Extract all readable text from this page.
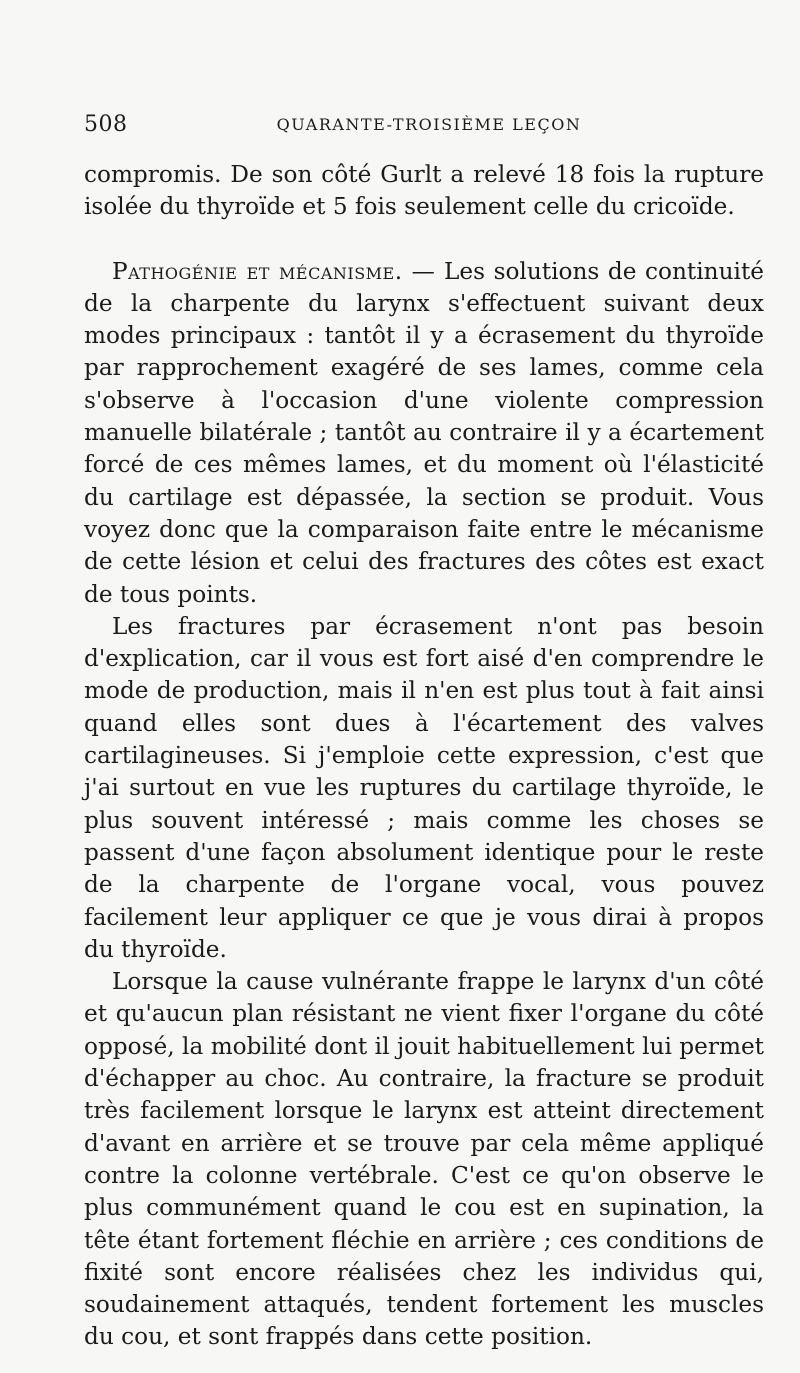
508	QUARANTE-TROISIÈME LEÇON

compromis. De son côté Gurlt a relevé 18 fois la rupture isolée du thyroïde et 5 fois seulement celle du cricoïde.

Pathogénie et mécanisme. — Les solutions de continuité de la charpente du larynx s'effectuent suivant deux modes principaux : tantôt il y a écrasement du thyroïde par rapprochement exagéré de ses lames, comme cela s'observe à l'occasion d'une violente compression manuelle bilatérale ; tantôt au contraire il y a écartement forcé de ces mêmes lames, et du moment où l'élasticité du cartilage est dépassée, la section se produit. Vous voyez donc que la comparaison faite entre le mécanisme de cette lésion et celui des fractures des côtes est exact de tous points.

Les fractures par écrasement n'ont pas besoin d'explication, car il vous est fort aisé d'en comprendre le mode de production, mais il n'en est plus tout à fait ainsi quand elles sont dues à l'écartement des valves cartilagineuses. Si j'emploie cette expression, c'est que j'ai surtout en vue les ruptures du cartilage thyroïde, le plus souvent intéressé ; mais comme les choses se passent d'une façon absolument identique pour le reste de la charpente de l'organe vocal, vous pouvez facilement leur appliquer ce que je vous dirai à propos du thyroïde.

Lorsque la cause vulnérante frappe le larynx d'un côté et qu'aucun plan résistant ne vient fixer l'organe du côté opposé, la mobilité dont il jouit habituellement lui permet d'échapper au choc. Au contraire, la fracture se produit très facilement lorsque le larynx est atteint directement d'avant en arrière et se trouve par cela même appliqué contre la colonne vertébrale. C'est ce qu'on observe le plus communément quand le cou est en supination, la tête étant fortement fléchie en arrière ; ces conditions de fixité sont encore réalisées chez les individus qui, soudainement attaqués, tendent fortement les muscles du cou, et sont frappés dans cette position.
